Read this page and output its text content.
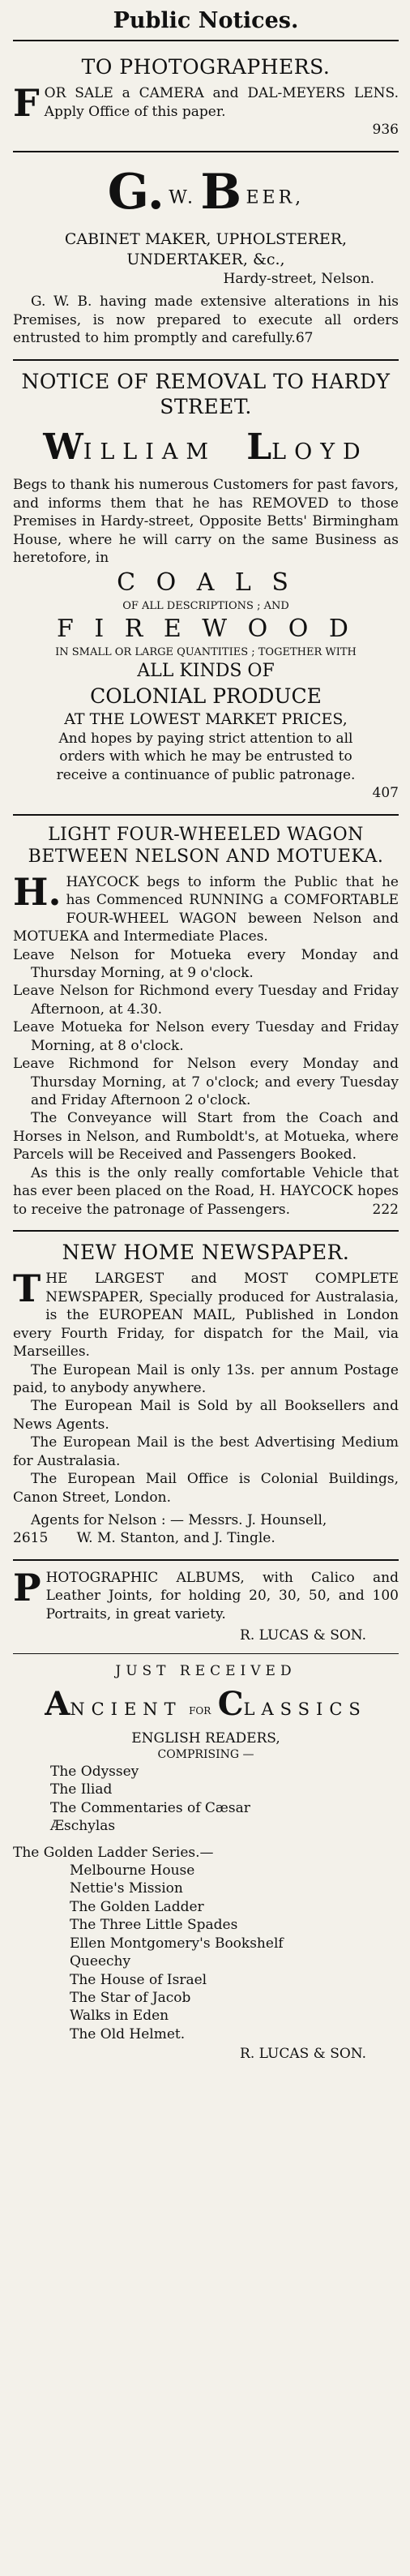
Public Notices.
TO PHOTOGRAPHERS.
F OR SALE a CAMERA and DAL-MEYERS LENS. Apply Office of this paper.
936
G. W. B EER,
CABINET MAKER, UPHOLSTERER,
UNDERTAKER, &c.,
Hardy-street, Nelson.
G. W. B. having made extensive alterations in his Premises, is now prepared to execute all orders entrusted to him promptly and carefully.67
NOTICE OF REMOVAL TO HARDY STREET.
WILLIAM LLOYD
Begs to thank his numerous Customers for past favors, and informs them that he has REMOVED to those Premises in Hardy-street, Opposite Betts' Birmingham House, where he will carry on the same Business as heretofore, in
C O A L S
OF ALL DESCRIPTIONS ; AND
F I R E W O O D
IN SMALL OR LARGE QUANTITIES ; TOGETHER WITH
ALL KINDS OF
COLONIAL PRODUCE
AT THE LOWEST MARKET PRICES,
And hopes by paying strict attention to all orders with which he may be entrusted to receive a continuance of public patronage.
407
LIGHT FOUR-WHEELED WAGON BETWEEN NELSON AND MOTUEKA.
H. HAYCOCK begs to inform the Public that he has Commenced RUNNING a COMFORTABLE FOUR-WHEEL WAGON beween Nelson and MOTUEKA and Intermediate Places.
Leave Nelson for Motueka every Monday and Thursday Morning, at 9 o'clock.
Leave Nelson for Richmond every Tuesday and Friday Afternoon, at 4.30.
Leave Motueka for Nelson every Tuesday and Friday Morning, at 8 o'clock.
Leave Richmond for Nelson every Monday and Thursday Morning, at 7 o'clock; and every Tuesday and Friday Afternoon 2 o'clock.
The Conveyance will Start from the Coach and Horses in Nelson, and Rumboldt's, at Motueka, where Parcels will be Received and Passengers Booked.
As this is the only really comfortable Vehicle that has ever been placed on the Road, H. HAYCOCK hopes to receive the patronage of Passengers.	222
NEW HOME NEWSPAPER.
T HE LARGEST and MOST COMPLETE NEWSPAPER, Specially produced for Australasia, is the EUROPEAN MAIL, Published in London every Fourth Friday, for dispatch for the Mail, via Marseilles.
The European Mail is only 13s. per annum Postage paid, to anybody anywhere.
The European Mail is Sold by all Booksellers and News Agents.
The European Mail is the best Advertising Medium for Australasia.
The European Mail Office is Colonial Buildings, Canon Street, London.
Agents for Nelson : — Messrs. J. Hounsell,
2615 W. M. Stanton, and J. Tingle.
P HOTOGRAPHIC ALBUMS, with Calico and Leather Joints, for holding 20, 30, 50, and 100 Portraits, in great variety.
R. LUCAS & SON.
JUST RECEIVED
ANCIENT FOR CLASSICS
ENGLISH READERS,
COMPRISING —
The Odyssey
The Iliad
The Commentaries of Cæsar
Æschylas
The Golden Ladder Series.—
Melbourne House
Nettie's Mission
The Golden Ladder
The Three Little Spades
Ellen Montgomery's Bookshelf
Queechy
The House of Israel
The Star of Jacob
Walks in Eden
The Old Helmet.
R. LUCAS & SON.
